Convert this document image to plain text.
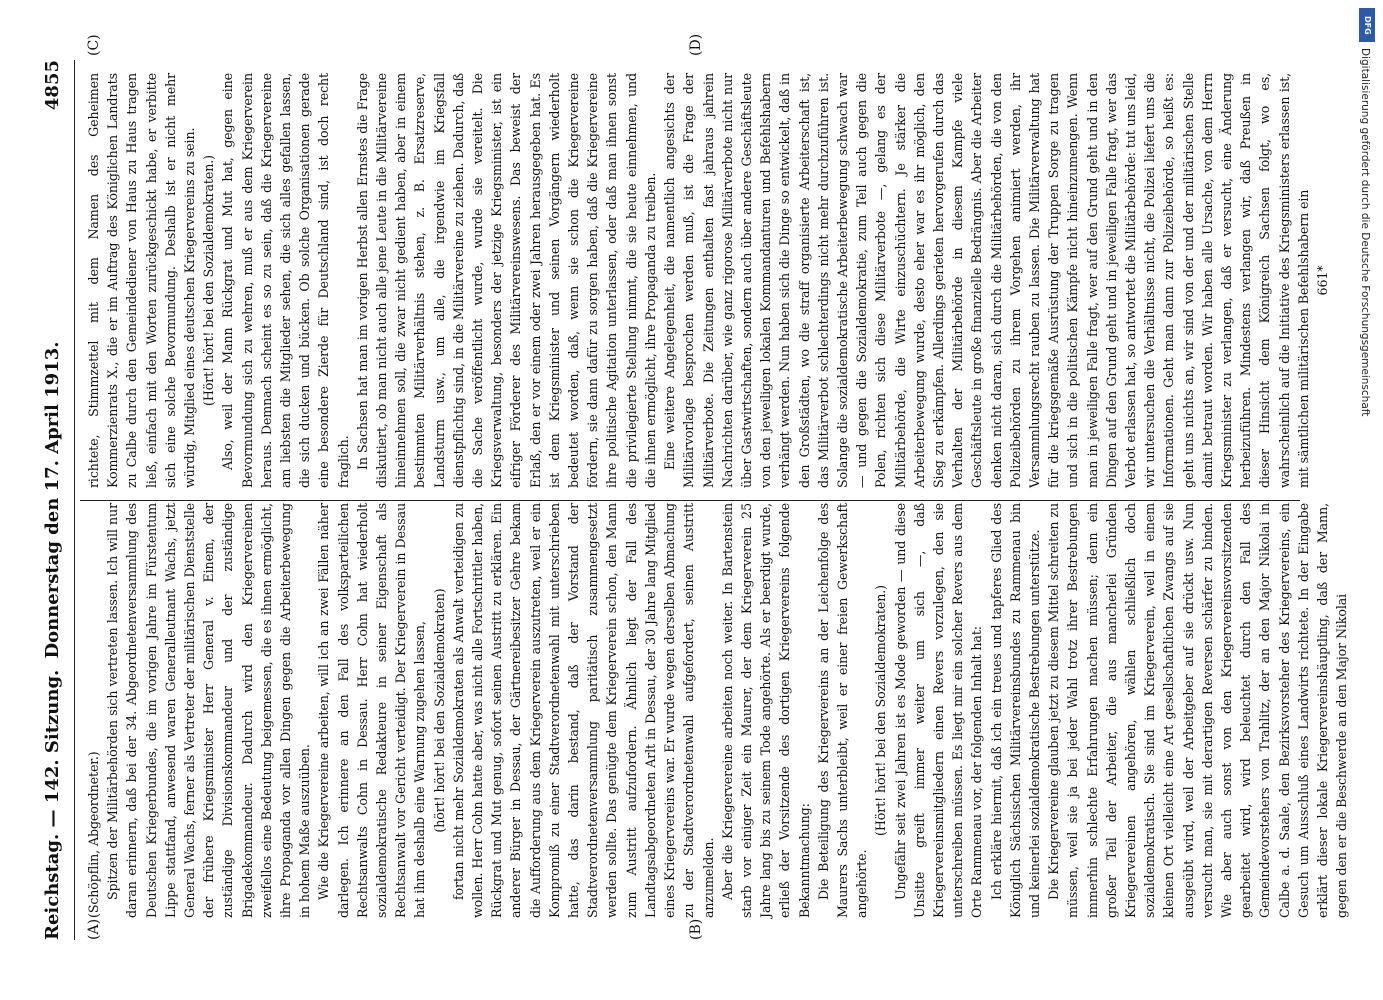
Reichstag. — 142. Sitzung.
Donnerstag den 17. April 1913.
4855
(A)	(B)
(C)	(D)

(Schöpflin, Abgeordneter.) Spitzen der Militärbehörden sich vertreten lassen. Ich will nur daran erinnern, daß bei der 34. Abgeordnetenversammlung des Deutschen Kriegerbundes, die im vorigen Jahre im Fürstentum Lippe stattfand, anwesend waren Generalleutnant Wachs, jetzt General Wachs, ferner als Vertreter der militärischen Dienststelle der frühere Kriegsminister Herr General v. Einem, der zuständige Divisionskommandeur und der zuständige Brigadekommandeur. Dadurch wird den Kriegervereinen zweifellos eine Bedeutung beigemessen, die es ihnen ermöglicht, ihre Propaganda vor allen Dingen gegen die Arbeiterbewegung in hohem Maße auszuüben. Wie die Kriegervereine arbeiten, will ich an zwei Fällen näher darlegen. Ich erinnere an den Fall des volksparteilichen Rechtsanwalts Cohn in Dessau. Herr Cohn hat wiederholt sozialdemokratische Redakteure in seiner Eigenschaft als Rechtsanwalt vor Gericht verteidigt. Der Kriegerverein in Dessau hat ihm deshalb eine Warnung zugehen lassen, (hört! hört! bei den Sozialdemokraten) fortan nicht mehr Sozialdemokraten als Anwalt verteidigen zu wollen. Herr Cohn hatte aber, was nicht alle Fortschrittler haben, Rückgrat und Mut genug, sofort seinen Austritt zu erklären. Ein anderer Bürger in Dessau, der Gärtnereibesitzer Gehre bekam die Aufforderung aus dem Kriegerverein auszutreten, weil er ein Kompromiß zu einer Stadtverordnetenwahl mit unterschrieben hatte, das darin bestand, daß der Vorstand der Stadtverordnetenversammlung paritätisch zusammengesetzt werden sollte. Das genügte dem Kriegerverein schon, den Mann zum Austritt aufzufordern. Ähnlich liegt der Fall des Landtagsabgeordneten Arlt in Dessau, der 30 Jahre lang Mitglied eines Kriegervereins war. Er wurde wegen derselben Abmachung zu der Stadtverordnetenwahl aufgefordert, seinen Austritt anzumelden. Aber die Kriegervereine arbeiten noch weiter. In Bartenstein starb vor einiger Zeit ein Maurer, der dem Kriegerverein 25 Jahre lang bis zu seinem Tode angehörte. Als er beerdigt wurde, erließ der Vorsitzende des dortigen Kriegervereins folgende Bekanntmachung: Die Beteiligung des Kriegervereins an der Leichenfolge des Maurers Sachs unterbleibt, weil er einer freien Gewerkschaft angehörte.

(Hört! hört! bei den Sozialdemokraten.) Ungefähr seit zwei Jahren ist es Mode geworden — und diese Unsitte greift immer weiter um sich —, daß Kriegervereinsmitgliedern einen Revers vorzulegen, den sie unterschreiben müssen. Es liegt mir ein solcher Revers aus dem Orte Rammenau vor, der folgenden Inhalt hat: Ich erkläre hiermit, daß ich ein treues und tapferes Glied des Königlich Sächsischen Militärvereinsbundes zu Rammenau bin und keinerlei sozialdemokratische Bestrebungen unterstütze. Die Kriegervereine glauben jetzt zu diesem Mittel schreiten zu müssen, weil sie ja bei jeder Wahl trotz ihrer Bestrebungen immerhin schlechte Erfahrungen machen müssen; denn ein großer Teil der Arbeiter, die aus mancherlei Gründen Kriegervereinen angehören, wählen schließlich doch sozialdemokratisch. Sie sind im Kriegerverein, weil in einem kleinen Ort vielleicht eine Art gesellschaftlichen Zwangs auf sie ausgeübt wird, weil der Arbeitgeber auf sie drückt usw. Nun versucht man, sie mit derartigen Reversen schärfer zu binden. Wie aber auch sonst von den Kriegervereinsvorsitzenden gearbeitet wird, wird beleuchtet durch den Fall des Gemeindevorstehers von Trahlitz, der an den Major Nikolai in Calbe a. d. Saale, den Bezirksvorsteher des Kriegervereins, ein Gesuch um Ausschluß eines Landwirts richtete. In der Eingabe erklärt dieser lokale Kriegervereinshäuptling, daß der Mann, gegen den er die Beschwerde an den Major Nikolai

richtete, Stimmzettel mit dem Namen des Geheimen Kommerzienrats X., die er im Auftrag des Königlichen Landrats zu Calbe durch den Gemeindediener von Haus zu Haus tragen ließ, einfach mit den Worten zurückgeschickt habe, er verbitte sich eine solche Bevormundung. Deshalb ist er nicht mehr würdig, Mitglied eines deutschen Kriegervereins zu sein. (Hört! hört! bei den Sozialdemokraten.) Also, weil der Mann Rückgrat und Mut hat, gegen eine Bevormundung sich zu wehren, muß er aus dem Kriegerverein heraus. Demnach scheint es so zu sein, daß die Kriegervereine am liebsten die Mitglieder sehen, die sich alles gefallen lassen, die sich ducken und bücken. Ob solche Organisationen gerade eine besondere Zierde für Deutschland sind, ist doch recht fraglich. In Sachsen hat man im vorigen Herbst allen Ernstes die Frage diskutiert, ob man nicht auch alle jene Leute in die Militärvereine hineinnehmen soll, die zwar nicht gedient haben, aber in einem bestimmten Militärverhältnis stehen, z. B. Ersatzreserve, Landsturm usw., um alle, die irgendwie im Kriegsfall dienstpflichtig sind, in die Militärvereine zu ziehen. Dadurch, daß die Sache veröffentlicht wurde, wurde sie vereitelt. Die Kriegsverwaltung, besonders der jetzige Kriegsminister, ist ein eifriger Förderer des Militärvereinswesens. Das beweist der Erlaß, den er vor einem oder zwei Jahren herausgegeben hat. Es ist dem Kriegsminister und seinen Vorgängern wiederholt bedeutet worden, daß, wenn sie schon die Kriegervereine fördern, sie dann dafür zu sorgen haben, daß die Kriegervereine ihre politische Agitation unterlassen, oder daß man ihnen sonst die privilegierte Stellung nimmt, die sie heute einnehmen, und die ihnen ermöglicht, ihre Propaganda zu treiben. Eine weitere Angelegenheit, die namentlich angesichts der Militärvorlage besprochen werden muß, ist die Frage der Militärverbote. Die Zeitungen enthalten fast jahraus jahrein Nachrichten darüber, wie ganz rigorose Militärverbote nicht nur über Gastwirtschaften, sondern auch über andere Geschäftsleute von den jeweiligen lokalen Kommandanturen und Befehlshabern verhängt werden. Nun haben sich die Dinge so entwickelt, daß in den Großstädten, wo die straff organisierte Arbeiterschaft ist, das Militärverbot schlechterdings nicht mehr durchzuführen ist. Solange die sozialdemokratische Arbeiterbewegung schwach war — und gegen die Sozialdemokratie, zum Teil auch gegen die Polen, richten sich diese Militärverbote —, gelang es der Militärbehörde, die Wirte einzuschüchtern. Je stärker die Arbeiterbewegung wurde, desto eher war es ihr möglich, den Sieg zu erkämpfen. Allerdings gerieten hervorgerufen durch das Verhalten der Militärbehörde in diesem Kampfe viele Geschäftsleute in große finanzielle Bedrängnis. Aber die Arbeiter denken nicht daran, sich durch die Militärbehörden, die von den Polizeibehörden zu ihrem Vorgehen animiert werden, ihr Versammlungsrecht rauben zu lassen. Die Militärverwaltung hat für die kriegsgemäße Ausrüstung der Truppen Sorge zu tragen und sich in die politischen Kämpfe nicht hineinzumengen. Wenn man in jeweiligen Falle fragt, wer auf den Grund geht und in den Dingen auf den Grund geht und in jeweiligen Falle fragt, wer das Verbot erlassen hat, so antwortet die Militärbehörde: tut uns leid, wir untersuchen die Verhältnisse nicht, die Polizei liefert uns die Informationen. Geht man dann zur Polizeibehörde, so heißt es: geht uns nichts an, wir sind von der und der militärischen Stelle damit betraut worden. Wir haben alle Ursache, von dem Herrn Kriegsminister zu verlangen, daß er versucht, eine Änderung herbeizuführen. Mindestens verlangen wir, daß Preußen in dieser Hinsicht dem Königreich Sachsen folgt, wo es, wahrscheinlich auf die Initiative des Kriegsministers erlassen ist, mit sämtlichen militärischen Befehlshabern ein 661*

DFG
Digitalisierung gefördert durch die Deutsche Forschungsgemeinschaft
